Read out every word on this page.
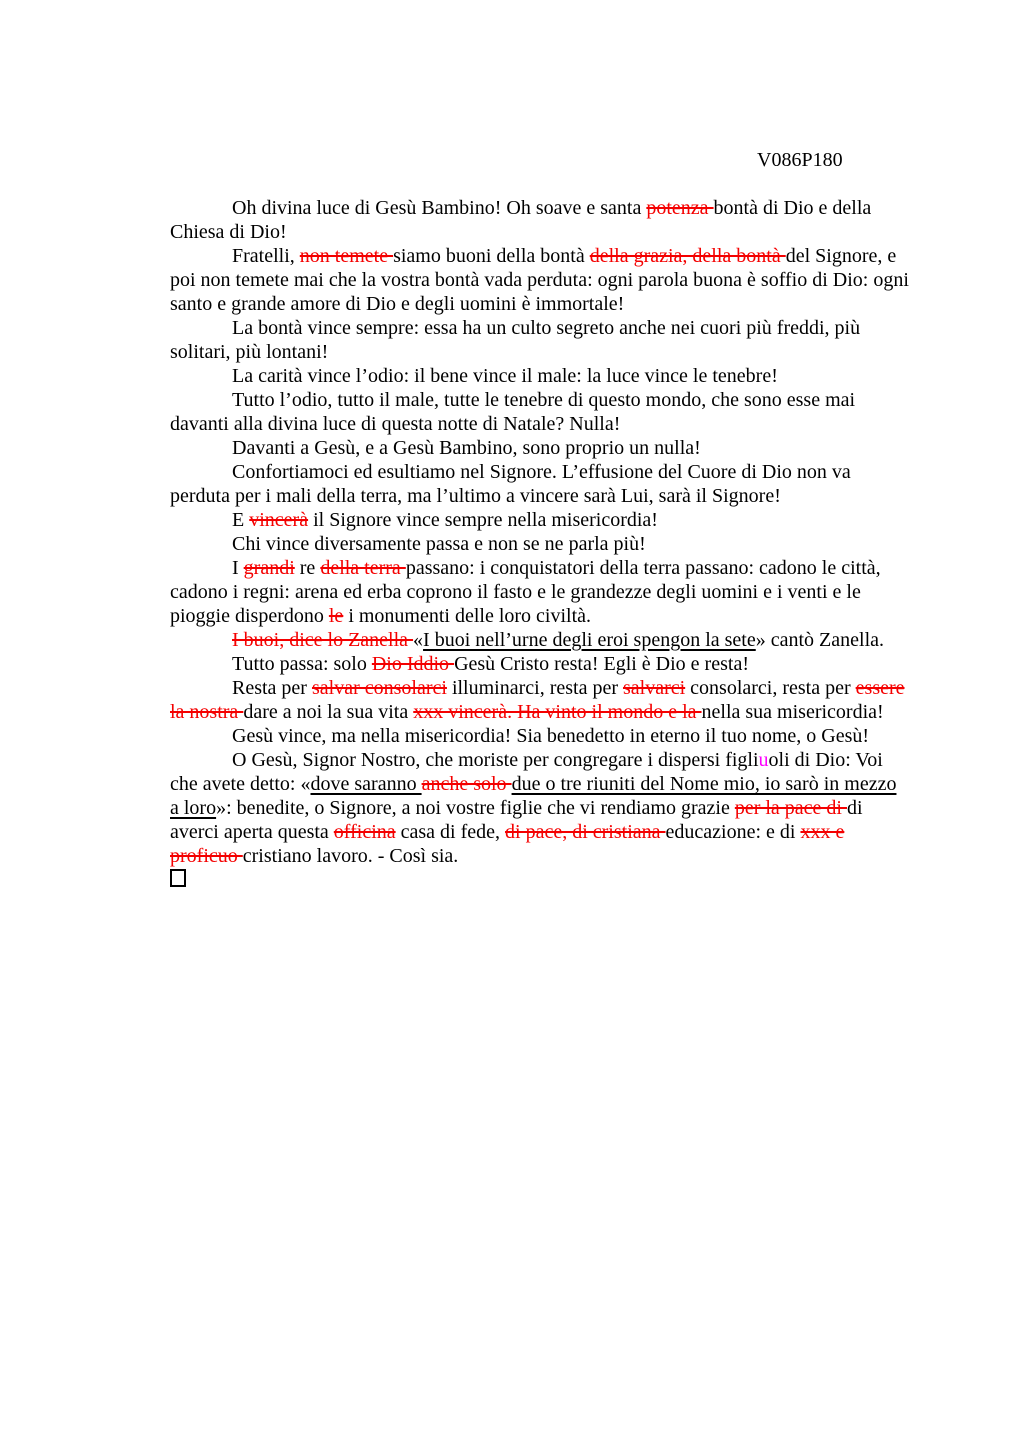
V086P180

Oh divina luce di Gesù Bambino! Oh soave e santa potenza bontà di Dio e della Chiesa di Dio!

Fratelli, non temete siamo buoni della bontà della grazia, della bontà del Signore, e poi non temete mai che la vostra bontà vada perduta: ogni parola buona è soffio di Dio: ogni santo e grande amore di Dio e degli uomini è immortale!

La bontà vince sempre: essa ha un culto segreto anche nei cuori più freddi, più solitari, più lontani!

La carità vince l’odio: il bene vince il male: la luce vince le tenebre!

Tutto l’odio, tutto il male, tutte le tenebre di questo mondo, che sono esse mai davanti alla divina luce di questa notte di Natale? Nulla!

Davanti a Gesù, e a Gesù Bambino, sono proprio un nulla!

Confortiamoci ed esultiamo nel Signore. L’effusione del Cuore di Dio non va perduta per i mali della terra, ma l’ultimo a vincere sarà Lui, sarà il Signore!

E vincerà il Signore vince sempre nella misericordia!

Chi vince diversamente passa e non se ne parla più!

I grandi re della terra passano: i conquistatori della terra passano: cadono le città, cadono i regni: arena ed erba coprono il fasto e le grandezze degli uomini e i venti e le pioggie disperdono le i monumenti delle loro civiltà.

I buoi, dice lo Zanella «I buoi nell’urne degli eroi spengon la sete» cantò Zanella.

Tutto passa: solo Dio Iddio Gesù Cristo resta! Egli è Dio e resta!

Resta per salvar consolarci illuminarci, resta per salvarci consolarci, resta per essere la nostra dare a noi la sua vita xxx vincerà. Ha vinto il mondo e la nella sua misericordia!

Gesù vince, ma nella misericordia! Sia benedetto in eterno il tuo nome, o Gesù!

O Gesù, Signor Nostro, che moriste per congregare i dispersi figliuoli di Dio: Voi che avete detto: «dove saranno anche solo due o tre riuniti del Nome mio, io sarò in mezzo a loro»: benedite, o Signore, a noi vostre figlie che vi rendiamo grazie per la pace di di averci aperta questa officina casa di fede, di pace, di cristiana educazione: e di xxx e proficuo cristiano lavoro. - Così sia.
